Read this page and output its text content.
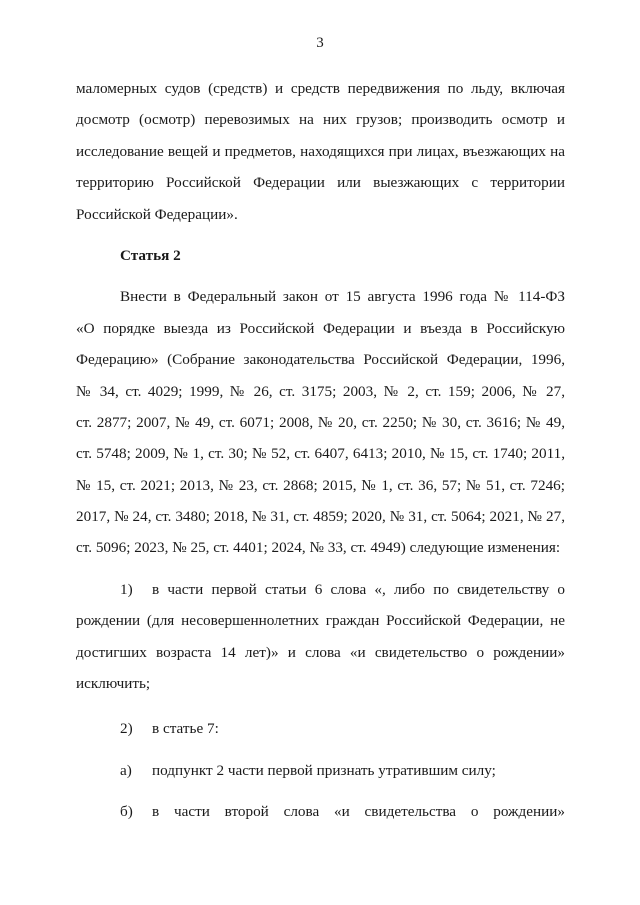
3
маломерных судов (средств) и средств передвижения по льду, включая
досмотр (осмотр) перевозимых на них грузов; производить осмотр и
исследование вещей и предметов, находящихся при лицах, въезжающих на
территорию Российской Федерации или выезжающих с территории
Российской Федерации».
Статья 2
Внести в Федеральный закон от 15 августа 1996 года № 114-ФЗ
«О порядке выезда из Российской Федерации и въезда в Российскую
Федерацию» (Собрание законодательства Российской Федерации, 1996,
№ 34, ст. 4029; 1999, № 26, ст. 3175; 2003, № 2, ст. 159; 2006, № 27,
ст. 2877; 2007, № 49, ст. 6071; 2008, № 20, ст. 2250; № 30, ст. 3616; № 49,
ст. 5748; 2009, № 1, ст. 30; № 52, ст. 6407, 6413; 2010, № 15, ст. 1740; 2011,
№ 15, ст. 2021; 2013, № 23, ст. 2868; 2015, № 1, ст. 36, 57; № 51, ст. 7246;
2017, № 24, ст. 3480; 2018, № 31, ст. 4859; 2020, № 31, ст. 5064; 2021, № 27,
ст. 5096; 2023, № 25, ст. 4401; 2024, № 33, ст. 4949) следующие изменения:
1)	в части первой статьи 6 слова «, либо по свидетельству о
рождении (для несовершеннолетних граждан Российской Федерации, не
достигших возраста 14 лет)» и слова «и свидетельство о рождении»
исключить;
2)	в статье 7:
а)	подпункт 2 части первой признать утратившим силу;
б)	в части второй слова «и свидетельства о рождении»
